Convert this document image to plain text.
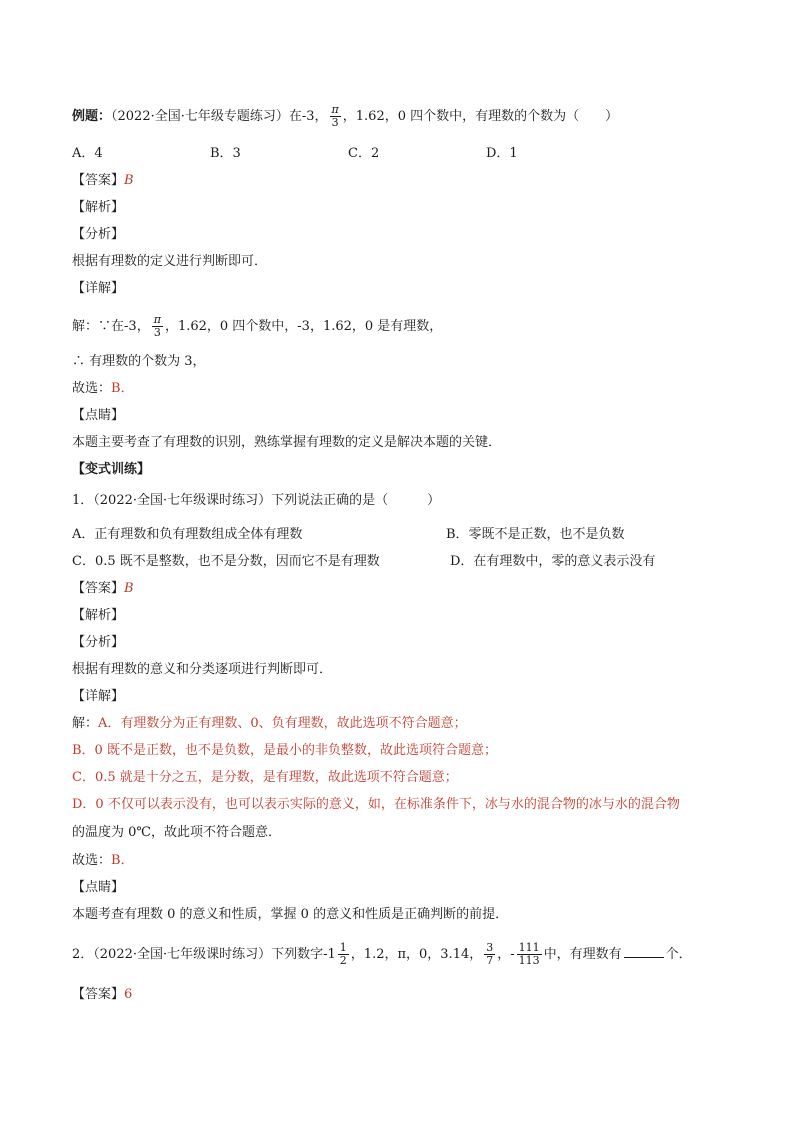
例题：（2022·全国·七年级专题练习）在-3， $\frac{\pi}{3}$ ，1.62，0 四个数中，有理数的个数为（　　）
A．4	B．3	C．2	D．1
【答案】B
【解析】
【分析】
根据有理数的定义进行判断即可．
【详解】
解：∵在-3， $\frac{\pi}{3}$ ，1.62，0 四个数中，-3，1.62，0 是有理数，
∴ 有理数的个数为 3，
故选：B．
【点睛】
本题主要考查了有理数的识别，熟练掌握有理数的定义是解决本题的关键．
【变式训练】
1．（2022·全国·七年级课时练习）下列说法正确的是（　　　）
A．正有理数和负有理数组成全体有理数	B．零既不是正数，也不是负数
C．0.5 既不是整数，也不是分数，因而它不是有理数	D．在有理数中，零的意义表示没有
【答案】B
【解析】
【分析】
根据有理数的意义和分类逐项进行判断即可．
【详解】
解：A．有理数分为正有理数、0、负有理数，故此选项不符合题意；
B．0 既不是正数，也不是负数，是最小的非负整数，故此选项符合题意；
C．0.5 就是十分之五，是分数，是有理数，故此选项不符合题意；
D．0 不仅可以表示没有，也可以表示实际的意义，如，在标准条件下，冰与水的混合物的冰与水的混合物
的温度为 0℃，故此项不符合题意．
故选：B．
【点睛】
本题考查有理数 0 的意义和性质，掌握 0 的意义和性质是正确判断的前提．
2．（2022·全国·七年级课时练习）下列数字$-1 \frac{1}{2}$ ，1.2，π，0，3.14， $\frac{3}{7}$ ，- $\frac{111}{113}$ 中，有理数有	个．
【答案】6
